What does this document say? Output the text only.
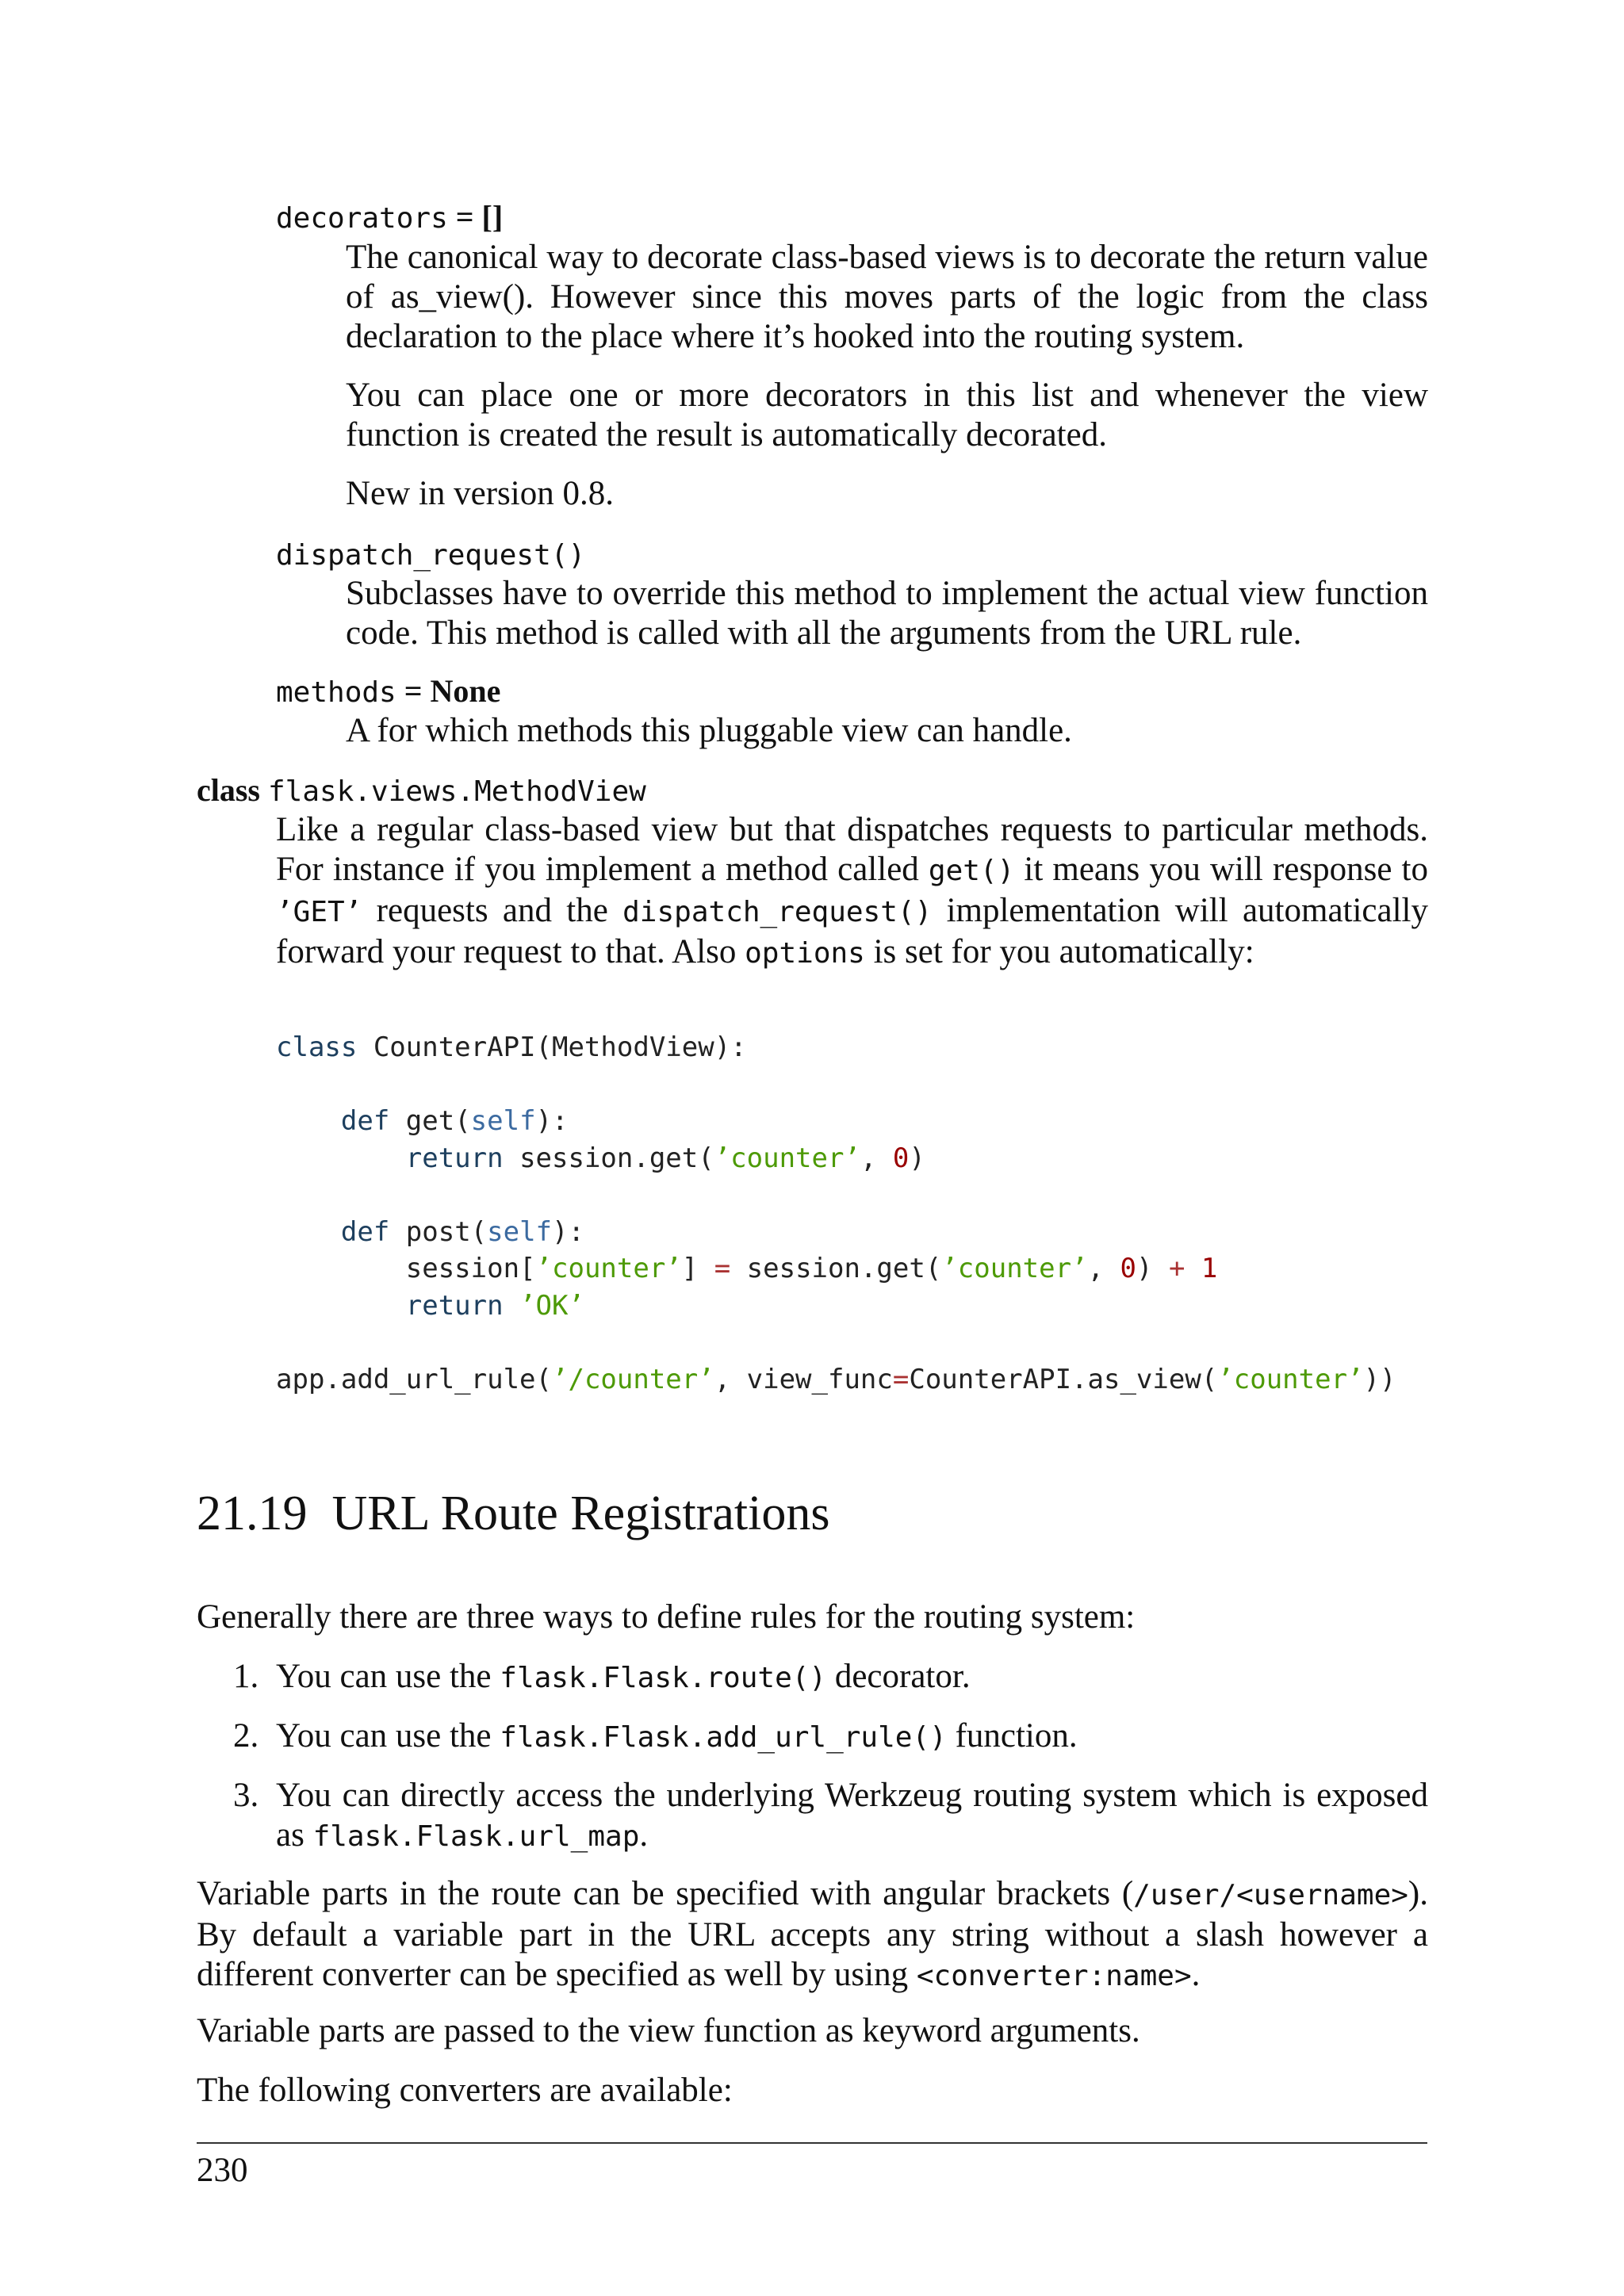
decorators = []
The canonical way to decorate class-based views is to decorate the return value of as_view(). However since this moves parts of the logic from the class declaration to the place where it’s hooked into the routing system.
You can place one or more decorators in this list and whenever the view function is created the result is automatically decorated.
New in version 0.8.
dispatch_request()
Subclasses have to override this method to implement the actual view function code. This method is called with all the arguments from the URL rule.
methods = None
A for which methods this pluggable view can handle.
class flask.views.MethodView
Like a regular class-based view but that dispatches requests to particular methods. For instance if you implement a method called get() it means you will response to ’GET’ requests and the dispatch_request() implementation will automatically forward your request to that. Also options is set for you automatically:
class CounterAPI(MethodView):

def get(self):
return session.get(’counter’, 0)

def post(self):
session[’counter’] = session.get(’counter’, 0) + 1
return ’OK’

app.add_url_rule(’/counter’, view_func=CounterAPI.as_view(’counter’))
21.19 URL Route Registrations
Generally there are three ways to define rules for the routing system:
1. You can use the flask.Flask.route() decorator.
2. You can use the flask.Flask.add_url_rule() function.
3. You can directly access the underlying Werkzeug routing system which is exposed as flask.Flask.url_map.
Variable parts in the route can be specified with angular brackets (/user/<username>). By default a variable part in the URL accepts any string without a slash however a different converter can be specified as well by using <converter:name>.
Variable parts are passed to the view function as keyword arguments.
The following converters are available:
230
